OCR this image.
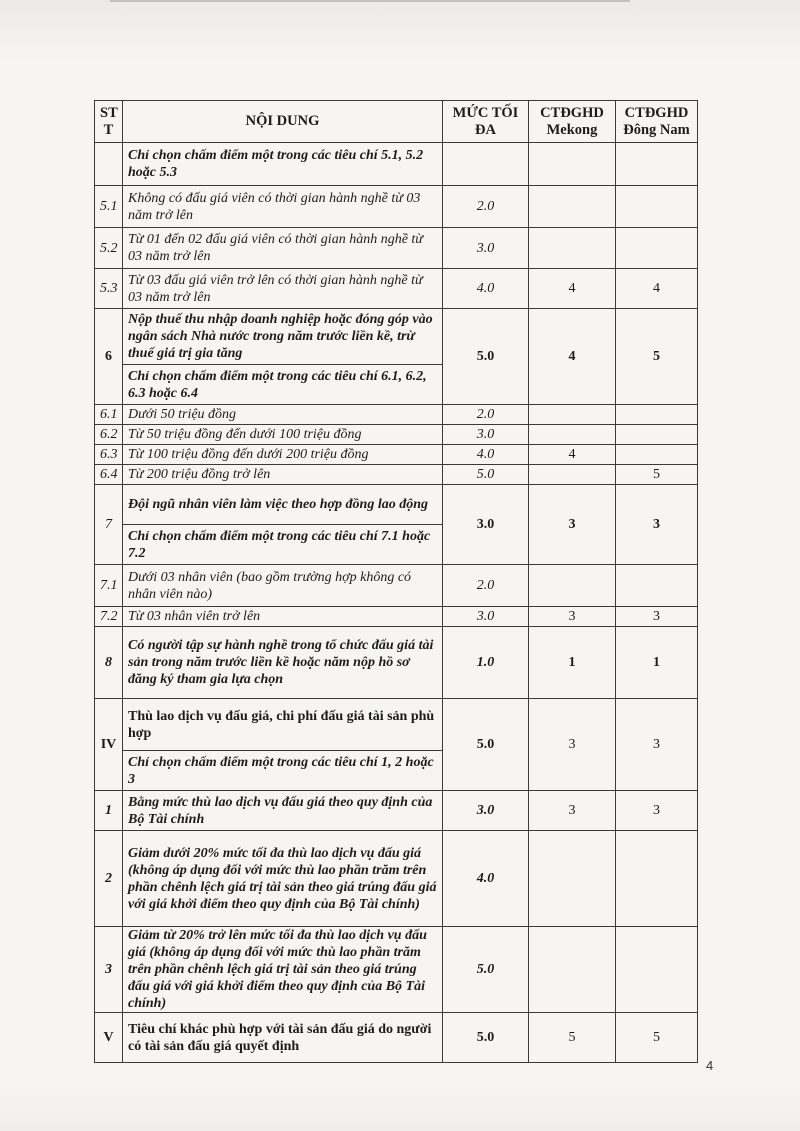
ST T	NỘI DUNG	MỨC TỐI ĐA	CTĐGHD Mekong	CTĐGHD Đông Nam
	Chỉ chọn chấm điểm một trong các tiêu chí 5.1, 5.2 hoặc 5.3			
5.1	Không có đấu giá viên có thời gian hành nghề từ 03 năm trở lên	2.0		
5.2	Từ 01 đến 02 đấu giá viên có thời gian hành nghề từ 03 năm trở lên	3.0		
5.3	Từ 03 đấu giá viên trở lên có thời gian hành nghề từ 03 năm trở lên	4.0	4	4
6	Nộp thuế thu nhập doanh nghiệp hoặc đóng góp vào ngân sách Nhà nước trong năm trước liền kề, trừ thuế giá trị gia tăng	5.0	4	5
	Chỉ chọn chấm điểm một trong các tiêu chí 6.1, 6.2, 6.3 hoặc 6.4			
6.1	Dưới 50 triệu đồng	2.0		
6.2	Từ 50 triệu đồng đến dưới 100 triệu đồng	3.0		
6.3	Từ 100 triệu đồng đến dưới 200 triệu đồng	4.0	4	
6.4	Từ 200 triệu đồng trở lên	5.0		5
7	Đội ngũ nhân viên làm việc theo hợp đồng lao động	3.0	3	3
	Chỉ chọn chấm điểm một trong các tiêu chí 7.1 hoặc 7.2			
7.1	Dưới 03 nhân viên (bao gồm trường hợp không có nhân viên nào)	2.0		
7.2	Từ 03 nhân viên trở lên	3.0	3	3
8	Có người tập sự hành nghề trong tổ chức đấu giá tài sản trong năm trước liền kề hoặc năm nộp hồ sơ đăng ký tham gia lựa chọn	1.0	1	1
IV	Thù lao dịch vụ đấu giá, chi phí đấu giá tài sản phù hợp	5.0	3	3
	Chỉ chọn chấm điểm một trong các tiêu chí 1, 2 hoặc 3			
1	Bằng mức thù lao dịch vụ đấu giá theo quy định của Bộ Tài chính	3.0	3	3
2	Giảm dưới 20% mức tối đa thù lao dịch vụ đấu giá (không áp dụng đối với mức thù lao phần trăm trên phần chênh lệch giá trị tài sản theo giá trúng đấu giá với giá khởi điểm theo quy định của Bộ Tài chính)	4.0		
3	Giảm từ 20% trở lên mức tối đa thù lao dịch vụ đấu giá (không áp dụng đối với mức thù lao phần trăm trên phần chênh lệch giá trị tài sản theo giá trúng đấu giá với giá khởi điểm theo quy định của Bộ Tài chính)	5.0		
V	Tiêu chí khác phù hợp với tài sản đấu giá do người có tài sản đấu giá quyết định	5.0	5	5
4
